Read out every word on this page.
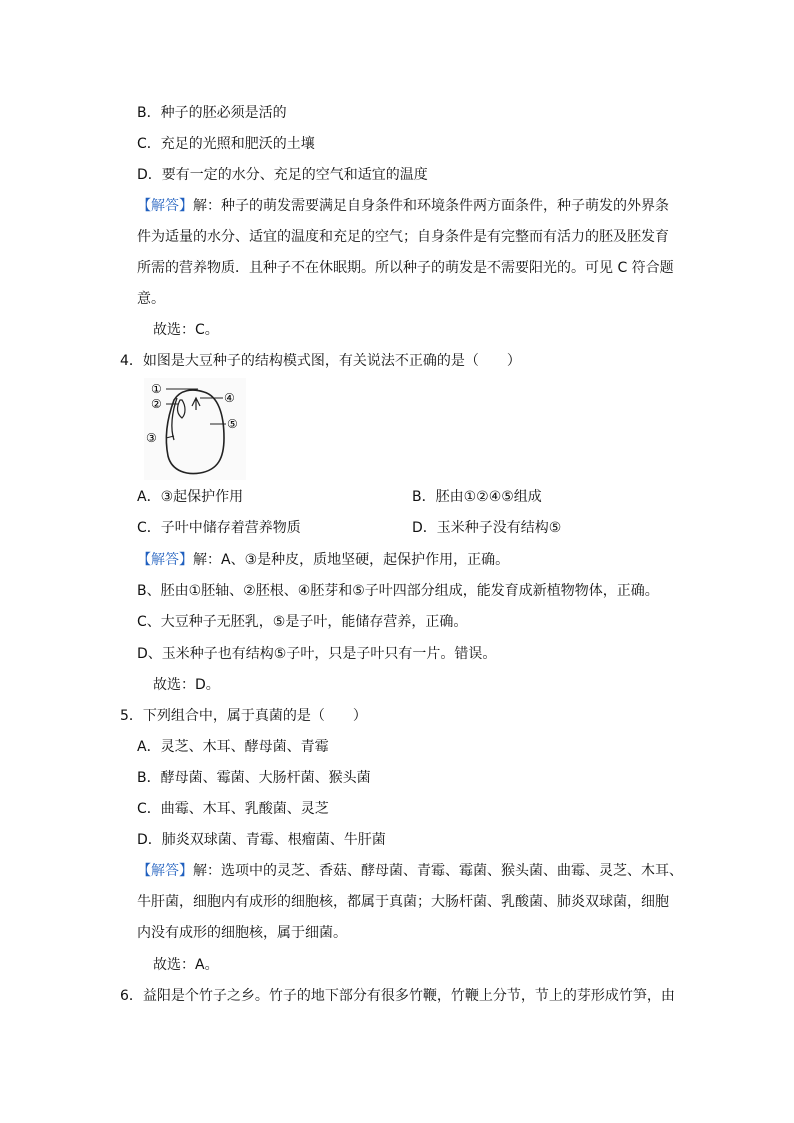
B．种子的胚必须是活的
C．充足的光照和肥沃的土壤
D．要有一定的水分、充足的空气和适宜的温度
【解答】解：种子的萌发需要满足自身条件和环境条件两方面条件，种子萌发的外界条
件为适量的水分、适宜的温度和充足的空气；自身条件是有完整而有活力的胚及胚发育
所需的营养物质．且种子不在休眠期。所以种子的萌发是不需要阳光的。可见 C 符合题
意。
故选：C。
4．如图是大豆种子的结构模式图，有关说法不正确的是（　　）
①
②
③
④
⑤
A．③起保护作用	B．胚由①②④⑤组成
C．子叶中储存着营养物质	D．玉米种子没有结构⑤
【解答】解：A、③是种皮，质地坚硬，起保护作用，正确。
B、胚由①胚轴、②胚根、④胚芽和⑤子叶四部分组成，能发育成新植物物体，正确。
C、大豆种子无胚乳，⑤是子叶，能储存营养，正确。
D、玉米种子也有结构⑤子叶，只是子叶只有一片。错误。
故选：D。
5．下列组合中，属于真菌的是（　　）
A．灵芝、木耳、酵母菌、青霉
B．酵母菌、霉菌、大肠杆菌、猴头菌
C．曲霉、木耳、乳酸菌、灵芝
D．肺炎双球菌、青霉、根瘤菌、牛肝菌
【解答】解：选项中的灵芝、香菇、酵母菌、青霉、霉菌、猴头菌、曲霉、灵芝、木耳、
牛肝菌，细胞内有成形的细胞核，都属于真菌；大肠杆菌、乳酸菌、肺炎双球菌，细胞
内没有成形的细胞核，属于细菌。
故选：A。
6．益阳是个竹子之乡。竹子的地下部分有很多竹鞭，竹鞭上分节，节上的芽形成竹笋，由
